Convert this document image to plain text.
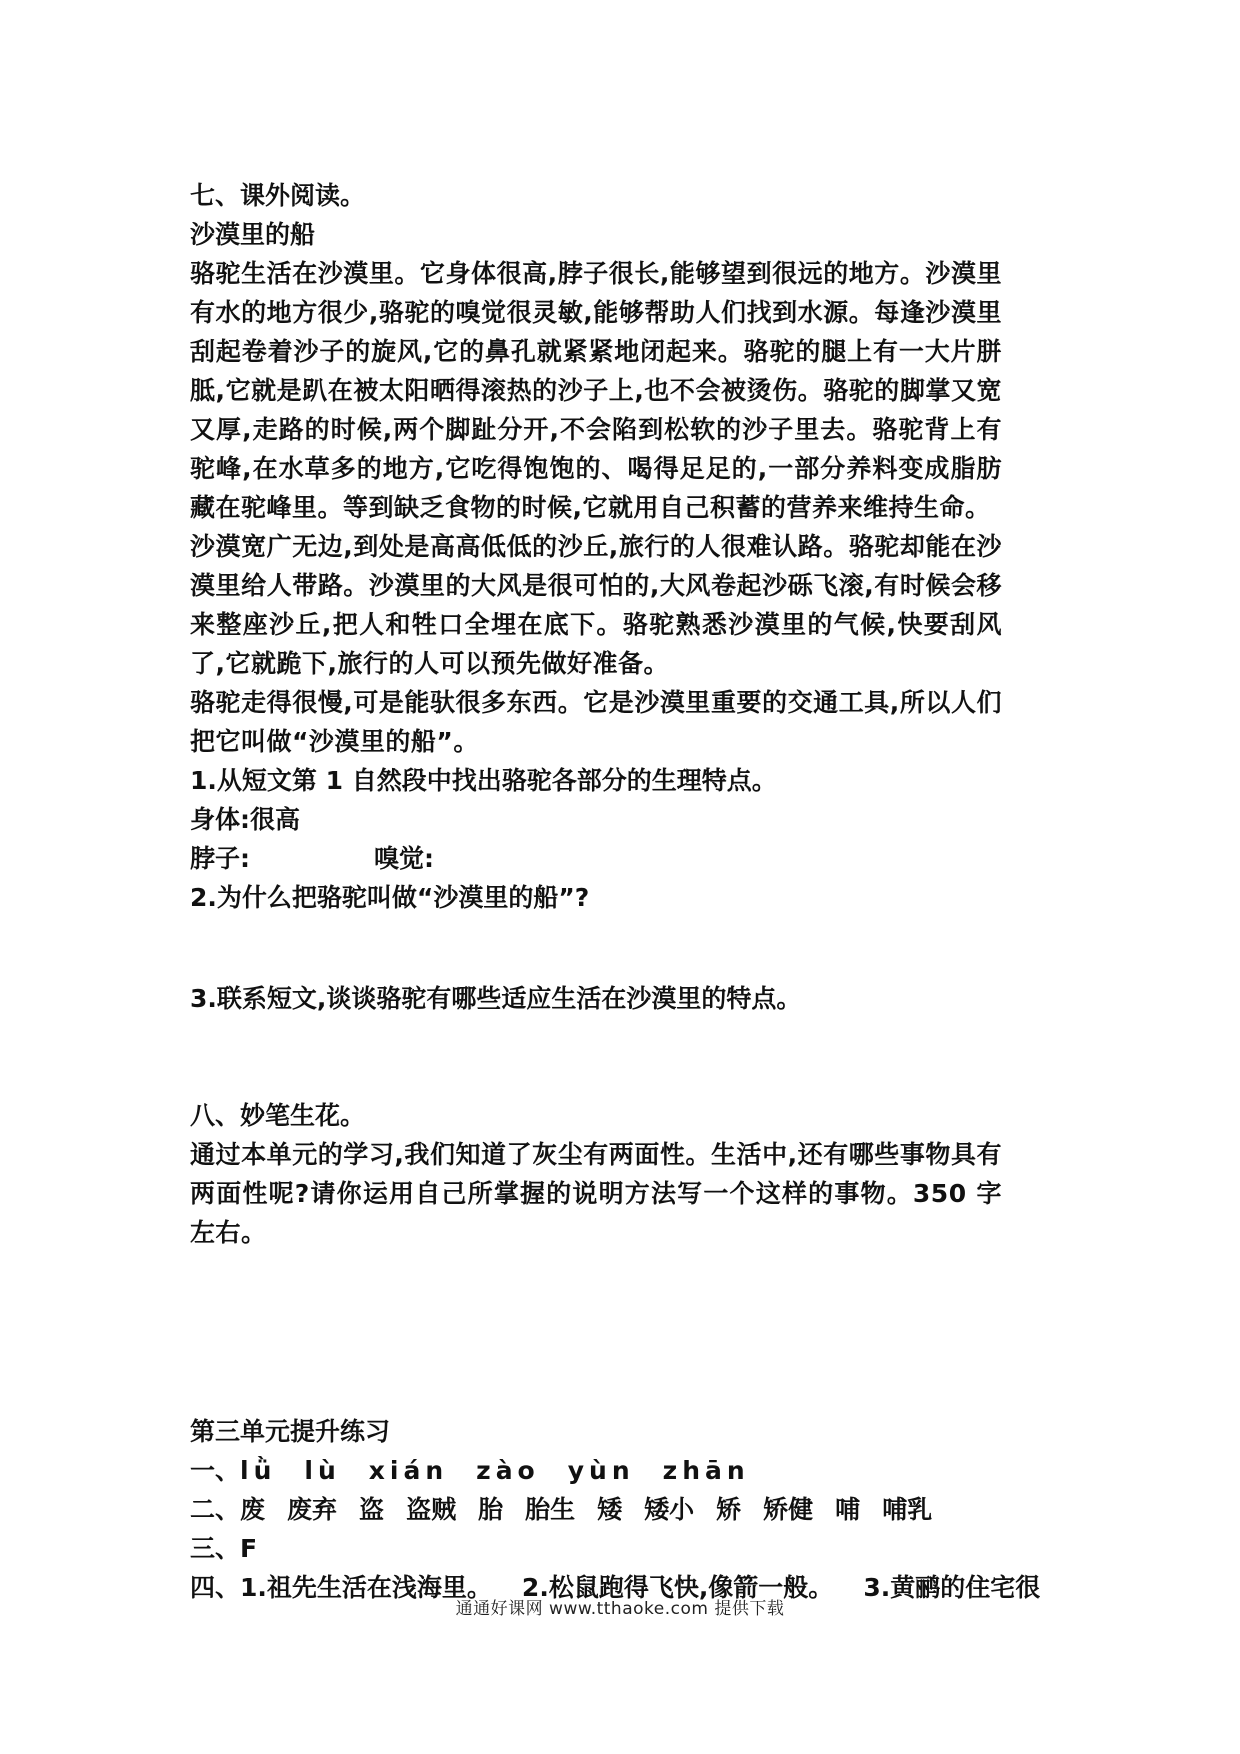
七、课外阅读。
沙漠里的船
骆驼生活在沙漠里。它身体很高,脖子很长,能够望到很远的地方。沙漠里有水的地方很少,骆驼的嗅觉很灵敏,能够帮助人们找到水源。每逢沙漠里刮起卷着沙子的旋风,它的鼻孔就紧紧地闭起来。骆驼的腿上有一大片胼胝,它就是趴在被太阳晒得滚热的沙子上,也不会被烫伤。骆驼的脚掌又宽又厚,走路的时候,两个脚趾分开,不会陷到松软的沙子里去。骆驼背上有驼峰,在水草多的地方,它吃得饱饱的、喝得足足的,一部分养料变成脂肪藏在驼峰里。等到缺乏食物的时候,它就用自己积蓄的营养来维持生命。
沙漠宽广无边,到处是高高低低的沙丘,旅行的人很难认路。骆驼却能在沙漠里给人带路。沙漠里的大风是很可怕的,大风卷起沙砾飞滚,有时候会移来整座沙丘,把人和牲口全埋在底下。骆驼熟悉沙漠里的气候,快要刮风了,它就跪下,旅行的人可以预先做好准备。
骆驼走得很慢,可是能驮很多东西。它是沙漠里重要的交通工具,所以人们把它叫做“沙漠里的船”。
1.从短文第 1 自然段中找出骆驼各部分的生理特点。
身体:很高
脖子:	嗅觉:
2.为什么把骆驼叫做“沙漠里的船”?
3.联系短文,谈谈骆驼有哪些适应生活在沙漠里的特点。
八、妙笔生花。
通过本单元的学习,我们知道了灰尘有两面性。生活中,还有哪些事物具有两面性呢?请你运用自己所掌握的说明方法写一个这样的事物。350 字左右。
第三单元提升练习
一、lǜ lù xián zào yùn zhān
二、废 废弃 盗 盗贼 胎 胎生 矮 矮小 矫 矫健 哺 哺乳
三、F
四、1.祖先生活在浅海里。 2.松鼠跑得飞快,像箭一般。 3.黄鹂的住宅很
通通好课网 www.tthaoke.com 提供下载
